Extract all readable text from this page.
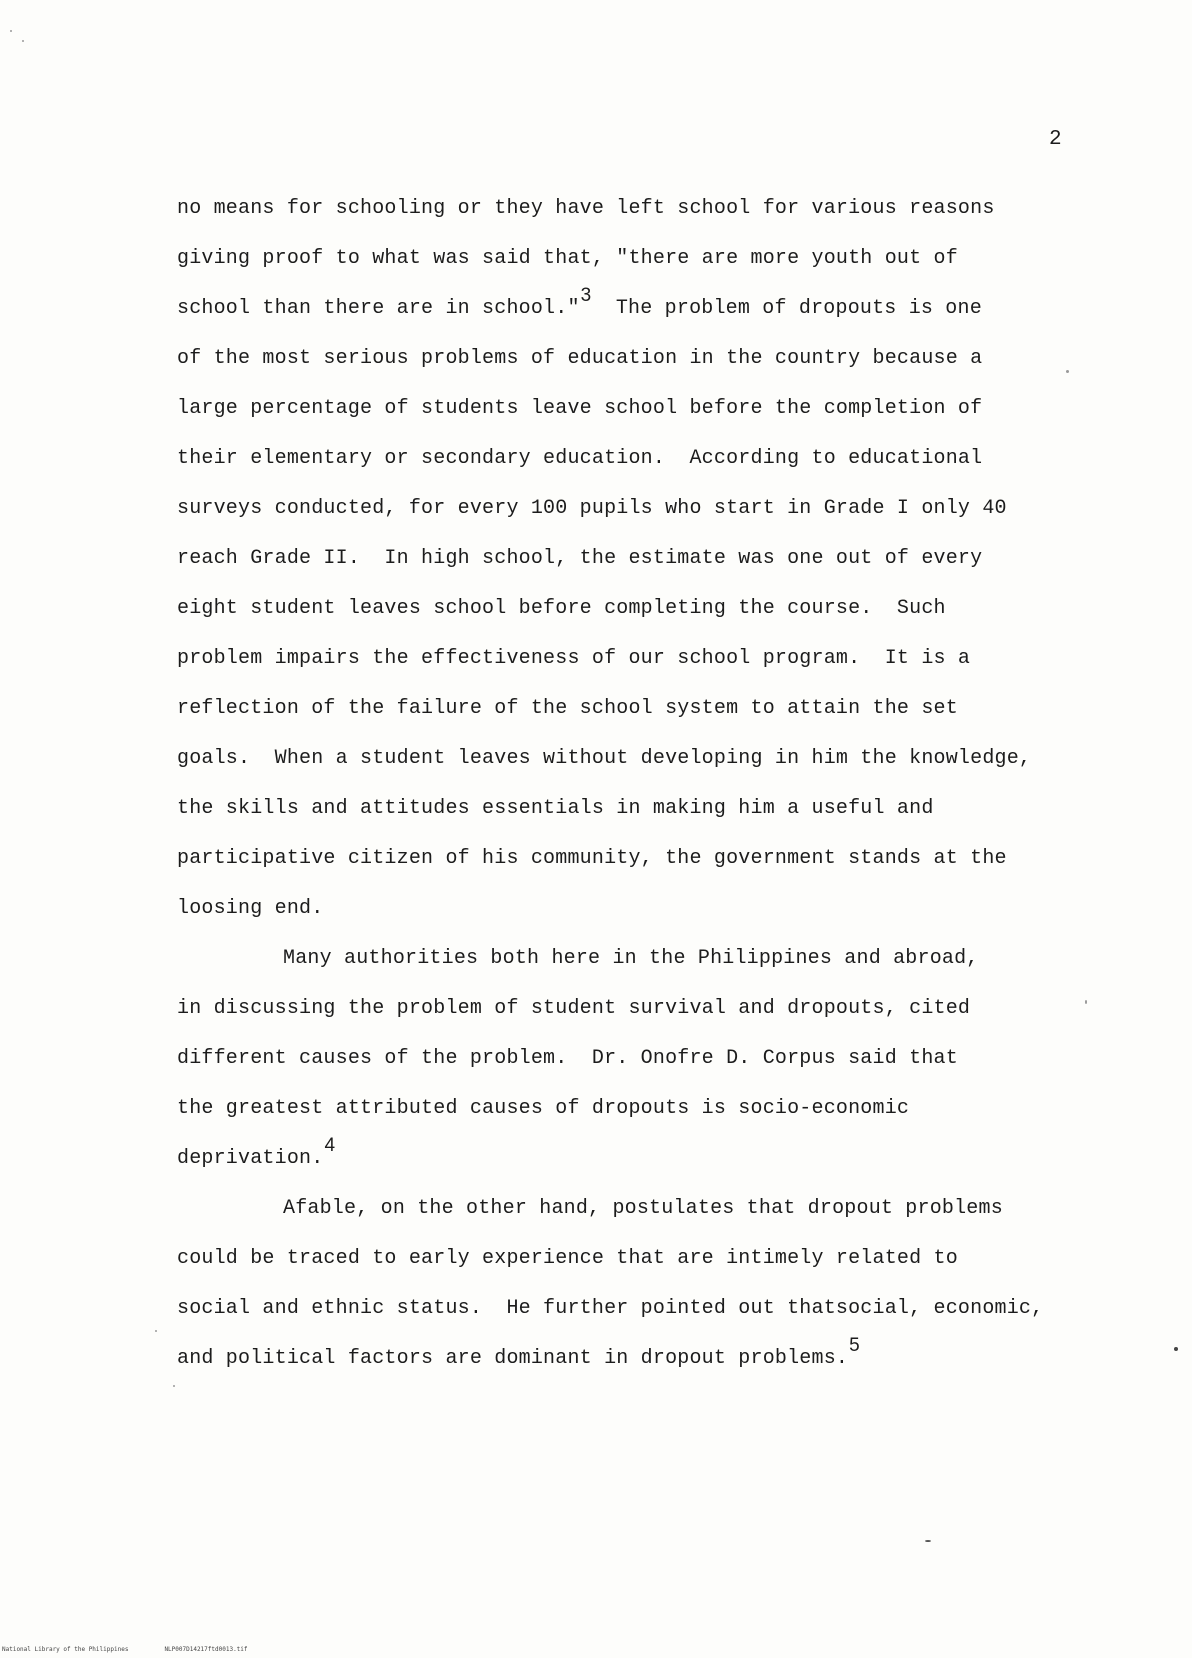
2
no means for schooling or they have left school for various reasons
giving proof to what was said that, "there are more youth out of
school than there are in school."3  The problem of dropouts is one
of the most serious problems of education in the country because a
large percentage of students leave school before the completion of
their elementary or secondary education.  According to educational
surveys conducted, for every 100 pupils who start in Grade I only 40
reach Grade II.  In high school, the estimate was one out of every
eight student leaves school before completing the course.  Such
problem impairs the effectiveness of our school program.  It is a
reflection of the failure of the school system to attain the set
goals.  When a student leaves without developing in him the knowledge,
the skills and attitudes essentials in making him a useful and
participative citizen of his community, the government stands at the
loosing end.
Many authorities both here in the Philippines and abroad,
in discussing the problem of student survival and dropouts, cited
different causes of the problem.  Dr. Onofre D. Corpus said that
the greatest attributed causes of dropouts is socio-economic
deprivation.4
Afable, on the other hand, postulates that dropout problems
could be traced to early experience that are intimely related to
social and ethnic status.  He further pointed out thatsocial, economic,
and political factors are dominant in dropout problems.5
National Library of the Philippines	NLP007D14217ftd0013.tif
